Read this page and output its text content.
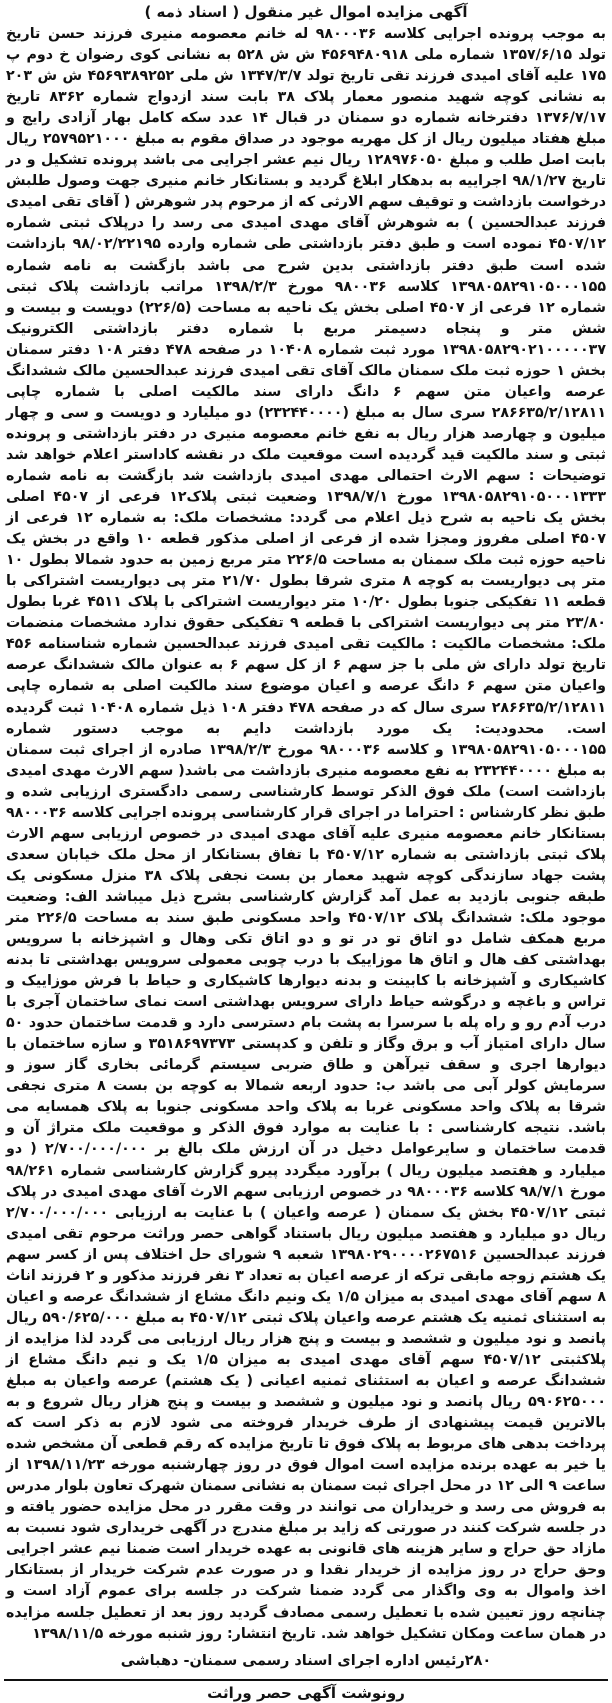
آگهی مزایده اموال غیر منقول ( اسناد ذمه )

به موجب پرونده اجرایی کلاسه ۹۸۰۰۰۳۶ له خانم معصومه منیری فرزند حسن تاریخ تولد ۱۳۵۷/۶/۱۵ شماره ملی ۴۵۶۹۴۸۰۹۱۸ ش ش ۵۲۸ به نشانی کوی رضوان خ دوم پ ۱۷۵ علیه آقای امیدی فرزند تقی تاریخ تولد ۱۳۴۷/۳/۷ ش ملی ۴۵۶۹۳۸۹۲۵۲ ش ش ۲۰۳ به نشانی کوچه شهید منصور معمار پلاک ۳۸ بابت سند ازدواج شماره ۸۳۶۲ تاریخ ۱۳۷۶/۷/۱۷ دفترخانه شماره دو سمنان در قبال ۱۴ عدد سکه کامل بهار آزادی رایج و مبلغ هفتاد میلیون ریال از کل مهریه موجود در صداق مقوم به مبلغ ۲۵۷۹۵۲۱۰۰۰ ریال بابت اصل طلب و مبلغ ۱۲۸۹۷۶۰۵۰ ریال نیم عشر اجرایی می باشد پرونده تشکیل و در تاریخ ۹۸/۱/۲۷ اجراییه به بدهکار ابلاغ گردید و بستانکار خانم منیری جهت وصول طلبش درخواست بازداشت و توقیف سهم الارثی که از مرحوم پدر شوهرش ( آقای تقی امیدی فرزند عبدالحسین ) به شوهرش آقای مهدی امیدی می رسد را درپلاک ثبتی شماره ۴۵۰۷/۱۲ نموده است و طبق دفتر بازداشتی طی شماره وارده ۹۸/۰۲/۲۲۱۹۵ بازداشت شده است طبق دفتر بازداشتی بدین شرح می باشد بازگشت به نامه شماره ۱۳۹۸۰۵۸۲۹۱۰۵۰۰۰۱۵۵ کلاسه ۹۸۰۰۳۶ مورخ ۱۳۹۸/۲/۳ مراتب بازداشت پلاک ثبتی شماره ۱۲ فرعی از ۴۵۰۷ اصلی بخش یک ناحیه به مساحت (۲۲۶/۵) دویست و بیست و شش متر و پنجاه دسیمتر مربع با شماره دفتر بازداشتی الکترونیک ۱۳۹۸۰۵۸۲۹۰۲۱۰۰۰۰۰۳۷ مورد ثبت شماره ۱۰۴۰۸ در صفحه ۴۷۸ دفتر ۱۰۸ دفتر سمنان بخش ۱ حوزه ثبت ملک سمنان مالک آقای تقی امیدی فرزند عبدالحسین مالک ششدانگ عرصه واعیان متن سهم ۶ دانگ دارای سند مالکیت اصلی با شماره چاپی ۲۸۶۶۳۵/۲/۱۲۸۱۱ سری سال به مبلغ (۲۳۲۴۴۰۰۰۰) دو میلیارد و دویست و سی و چهار میلیون و چهارصد هزار ریال به نفع خانم معصومه منیری در دفتر بازداشتی و پرونده ثبتی و سند مالکیت قید گردیده است موقعیت ملک در نقشه کاداستر اعلام خواهد شد توضیحات : سهم الارث احتمالی مهدی امیدی بازداشت شد بازگشت به نامه شماره ۱۳۹۸۰۵۸۲۹۱۰۵۰۰۰۱۳۳۳ مورخ ۱۳۹۸/۷/۱ وضعیت ثبتی پلاک۱۲ فرعی از ۴۵۰۷ اصلی بخش یک ناحیه به شرح ذیل اعلام می گردد: مشخصات ملک: به شماره ۱۲ فرعی از ۴۵۰۷ اصلی مفروز ومجزا شده از فرعی از اصلی مذکور قطعه ۱۰ واقع در بخش یک ناحیه حوزه ثبت ملک سمنان به مساحت ۲۲۶/۵ متر مربع زمین به حدود شمالا بطول ۱۰ متر پی دیواریست به کوچه ۸ متری شرقا بطول ۲۱/۷۰ متر پی دیواریست اشتراکی با قطعه ۱۱ تفکیکی جنوبا بطول ۱۰/۲۰ متر دیواریست اشتراکی با پلاک ۴۵۱۱ غربا بطول ۲۳/۸۰ متر پی دیواریست اشتراکی با قطعه ۹ تفکیکی حقوق ندارد مشخصات منضمات ملک: مشخصات مالکیت : مالکیت تقی امیدی فرزند عبدالحسین شماره شناسنامه ۴۵۶ تاریخ تولد دارای ش ملی با جز سهم ۶ از کل سهم ۶ به عنوان مالک ششدانگ عرصه واعیان متن سهم ۶ دانگ عرصه و اعیان موضوع سند مالکیت اصلی به شماره چاپی ۲۸۶۶۳۵/۲/۱۲۸۱۱ سری سال که در صفحه ۴۷۸ دفتر ۱۰۸ ذیل شماره ۱۰۴۰۸ ثبت گردیده است. محدودیت: یک مورد بازداشت دایم به موجب دستور شماره ۱۳۹۸۰۵۸۲۹۱۰۵۰۰۰۱۵۵ و کلاسه ۹۸۰۰۰۳۶ مورخ ۱۳۹۸/۲/۳ صادره از اجرای ثبت سمنان به مبلغ ۲۳۲۴۴۰۰۰۰ به نفع معصومه منیری بازداشت می باشد( سهم الارث مهدی امیدی بازداشت است) ملک فوق الذکر توسط کارشناسی رسمی دادگستری ارزیابی شده و طبق نظر کارشناس : احتراما در اجرای قرار کارشناسی پرونده اجرایی کلاسه ۹۸۰۰۰۳۶ بستانکار خانم معصومه منیری علیه آقای مهدی امیدی در خصوص ارزیابی سهم الارث پلاک ثبتی بازداشتی به شماره ۴۵۰۷/۱۲ با تفاق بستانکار از محل ملک خیابان سعدی پشت جهاد سازندگی کوچه شهید معمار بن بست نجفی پلاک ۳۸ منزل مسکونی یک طبقه جنوبی بازدید به عمل آمد گزارش کارشناسی بشرح ذیل میباشد الف: وضعیت موجود ملک: ششدانگ پلاک ۴۵۰۷/۱۲ واحد مسکونی طبق سند به مساحت ۲۲۶/۵ متر مربع همکف شامل دو اتاق تو در تو و دو اتاق تکی وهال و اشپزخانه با سرویس بهداشتی کف هال و اتاق ها موزاییک با درب چوبی معمولی سرویس بهداشتی تا بدنه کاشیکاری و آشپزخانه با کابینت و بدنه دیوارها کاشیکاری و حیاط با فرش موزاییک و تراس و باغچه و درگوشه حیاط دارای سرویس بهداشتی است نمای ساختمان آجری با درب آدم رو و راه پله با سرسرا به پشت بام دسترسی دارد و قدمت ساختمان حدود ۵۰ سال دارای امتیاز آب و برق وگاز و تلفن و کدپستی ۳۵۱۸۶۹۷۳۷۳ و سازه ساختمان با دیوارها اجری و سقف تیرآهن و طاق ضربی سیستم گرمائی بخاری گاز سوز و سرمایش کولر آبی می باشد ب: حدود اربعه شمالا به کوچه بن بست ۸ متری نجفی شرقا به پلاک واحد مسکونی غربا به پلاک واحد مسکونی جنوبا به پلاک همسایه می باشد. نتیجه کارشناسی : با عنایت به موارد فوق الذکر و موقعیت ملک متراژ آن و قدمت ساختمان و سایرعوامل دخیل در آن ارزش ملک بالغ بر ۲/۷۰۰/۰۰۰/۰۰۰ ( دو میلیارد و هفتصد میلیون ریال ) برآورد میگردد پیرو گزارش کارشناسی شماره ۹۸/۲۶۱ مورخ ۹۸/۷/۱ کلاسه ۹۸۰۰۰۳۶ در خصوص ارزیابی سهم الارث آقای مهدی امیدی در پلاک ثبتی ۴۵۰۷/۱۲ بخش یک سمنان ( عرصه واعیان ) با عنایت به ارزیابی ۲/۷۰۰/۰۰۰/۰۰۰ ریال دو میلیارد و هفتصد میلیون ریال باستناد گواهی حصر وراثت مرحوم تقی امیدی فرزند عبدالحسین ۱۳۹۸۰۲۹۰۰۰۰۲۶۷۵۱۶ شعبه ۹ شورای حل اختلاف پس از کسر سهم یک هشتم زوجه مابقی ترکه از عرصه اعیان به تعداد ۳ نفر فرزند مذکور و ۲ فرزند اناث ۸ سهم آقای مهدی امیدی به میزان ۱/۵ یک ونیم دانگ مشاع از ششدانگ عرصه و اعیان به استثنای ثمنیه یک هشتم عرصه واعیان پلاک ثبتی ۴۵۰۷/۱۲ به مبلغ ۵۹۰/۶۲۵/۰۰۰ ریال پانصد و نود میلیون و ششصد و بیست و پنج هزار ریال ارزیابی می گردد لذا مزایده از پلاکثبتی ۴۵۰۷/۱۲ سهم آقای مهدی امیدی به میزان ۱/۵ یک و نیم دانگ مشاع از ششدانگ عرصه و اعیان به استثنای ثمنیه اعیانی ( یک هشتم) عرصه واعیان به مبلغ ۵۹۰۶۲۵۰۰۰ ریال پانصد و نود میلیون و ششصد و بیست و پنج هزار ریال شروع و به بالاترین قیمت پیشنهادی از طرف خریدار فروخته می شود لازم به ذکر است که پرداخت بدهی های مربوط به پلاک فوق تا تاریخ مزایده که رقم قطعی آن مشخص شده یا خیر به عهده برنده مزایده است اموال فوق در روز چهارشنبه مورخه ۱۳۹۸/۱۱/۲۳ از ساعت ۹ الی ۱۲ در محل اجرای ثبت سمنان به نشانی سمنان شهرک تعاون بلوار مدرس به فروش می رسد و خریداران می توانند در وقت مقرر در محل مزایده حضور یافته و در جلسه شرکت کنند در صورتی که زاید بر مبلغ مندرج در آگهی خریداری شود نسبت به مازاد حق حراج و سایر هزینه های قانونی به عهده خریدار است ضمنا نیم عشر اجرایی وحق حراج در روز مزایده از خریدار نقدا و در صورت عدم شرکت خریدار از بستانکار اخذ واموال به وی واگذار می گردد ضمنا شرکت در جلسه برای عموم آزاد است و چنانچه روز تعیین شده با تعطیل رسمی مصادف گردید روز بعد از تعطیل جلسه مزایده در همان ساعت ومکان تشکیل خواهد شد. تاریخ انتشار: روز شنبه مورخه ۱۳۹۸/۱۱/۵

۲۸۰رئیس اداره اجرای اسناد رسمی سمنان- دهباشی
رونوشت آگهی حصر وراثت
